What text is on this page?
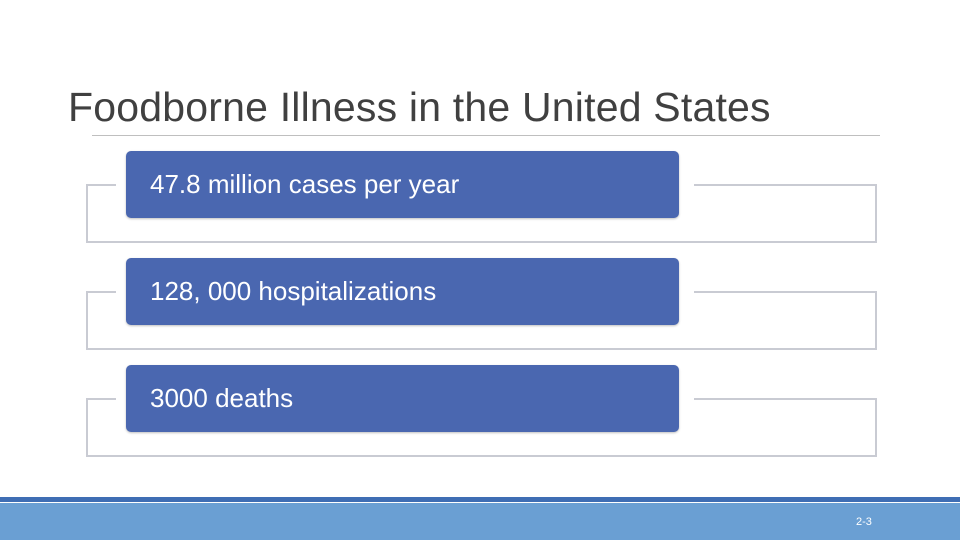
Foodborne Illness in the United States
47.8 million cases per year
128, 000 hospitalizations
3000 deaths
2-3
